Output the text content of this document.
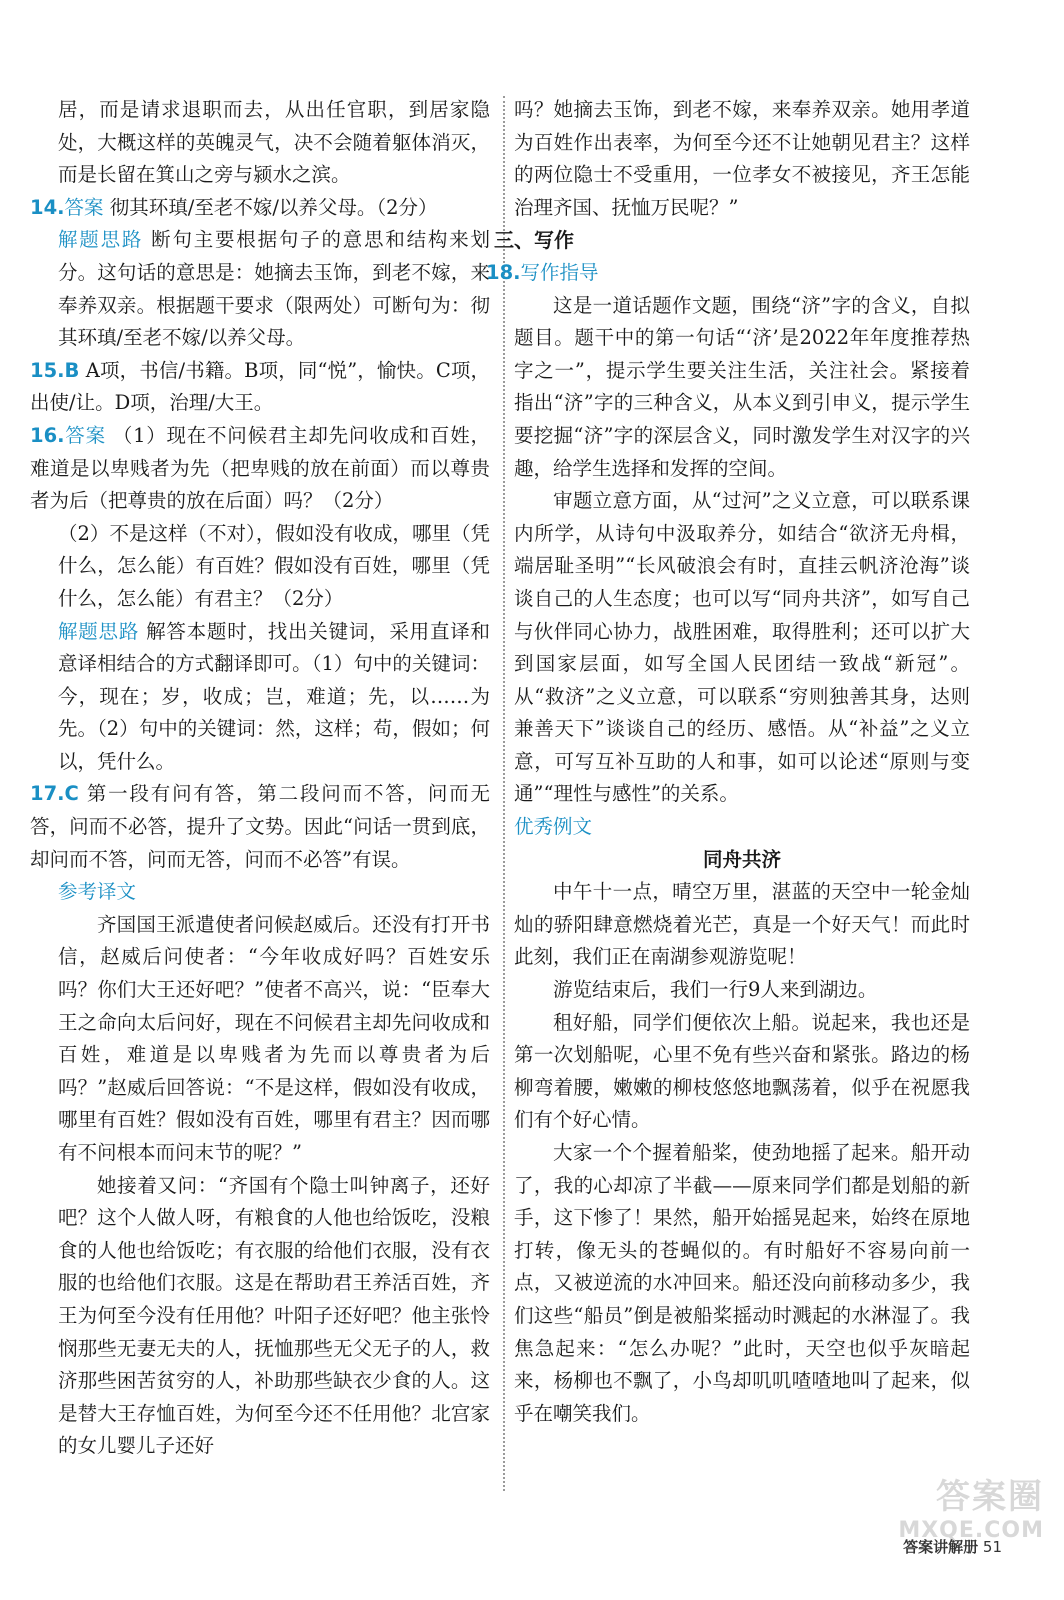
居，而是请求退职而去，从出任官职，到居家隐处，大概这样的英魄灵气，决不会随着躯体消灭，而是长留在箕山之旁与颍水之滨。

14.答案 彻其环瑱/至老不嫁/以养父母。（2分）

解题思路 断句主要根据句子的意思和结构来划分。这句话的意思是：她摘去玉饰，到老不嫁，来奉养双亲。根据题干要求（限两处）可断句为：彻其环瑱/至老不嫁/以养父母。

15.B A项，书信/书籍。B项，同“悦”，愉快。C项，出使/让。D项，治理/大王。

16.答案 （1）现在不问候君主却先问收成和百姓，难道是以卑贱者为先（把卑贱的放在前面）而以尊贵者为后（把尊贵的放在后面）吗？（2分）

（2）不是这样（不对），假如没有收成，哪里（凭什么，怎么能）有百姓？假如没有百姓，哪里（凭什么，怎么能）有君主？（2分）

解题思路 解答本题时，找出关键词，采用直译和意译相结合的方式翻译即可。（1）句中的关键词：今，现在；岁，收成；岂，难道；先，以……为先。（2）句中的关键词：然，这样；苟，假如；何以，凭什么。

17.C 第一段有问有答，第二段问而不答，问而无答，问而不必答，提升了文势。因此“问话一贯到底，却问而不答，问而无答，问而不必答”有误。

参考译文

齐国国王派遣使者问候赵威后。还没有打开书信，赵威后问使者：“今年收成好吗？百姓安乐吗？你们大王还好吧？”使者不高兴，说：“臣奉大王之命向太后问好，现在不问候君主却先问收成和百姓，难道是以卑贱者为先而以尊贵者为后吗？”赵威后回答说：“不是这样，假如没有收成，哪里有百姓？假如没有百姓，哪里有君主？因而哪有不问根本而问末节的呢？”

她接着又问：“齐国有个隐士叫钟离子，还好吧？这个人做人呀，有粮食的人他也给饭吃，没粮食的人他也给饭吃；有衣服的给他们衣服，没有衣服的也给他们衣服。这是在帮助君王养活百姓，齐王为何至今没有任用他？叶阳子还好吧？他主张怜悯那些无妻无夫的人，抚恤那些无父无子的人，救济那些困苦贫穷的人，补助那些缺衣少食的人。这是替大王存恤百姓，为何至今还不任用他？北宫家的女儿婴儿子还好

吗？她摘去玉饰，到老不嫁，来奉养双亲。她用孝道为百姓作出表率，为何至今还不让她朝见君主？这样的两位隐士不受重用，一位孝女不被接见，齐王怎能治理齐国、抚恤万民呢？”

三、写作

18.写作指导

这是一道话题作文题，围绕“济”字的含义，自拟题目。题干中的第一句话“‘济’是2022年年度推荐热字之一”，提示学生要关注生活，关注社会。紧接着指出“济”字的三种含义，从本义到引申义，提示学生要挖掘“济”字的深层含义，同时激发学生对汉字的兴趣，给学生选择和发挥的空间。

审题立意方面，从“过河”之义立意，可以联系课内所学，从诗句中汲取养分，如结合“欲济无舟楫，端居耻圣明”“长风破浪会有时，直挂云帆济沧海”谈谈自己的人生态度；也可以写“同舟共济”，如写自己与伙伴同心协力，战胜困难，取得胜利；还可以扩大到国家层面，如写全国人民团结一致战“新冠”。从“救济”之义立意，可以联系“穷则独善其身，达则兼善天下”谈谈自己的经历、感悟。从“补益”之义立意，可写互补互助的人和事，如可以论述“原则与变通”“理性与感性”的关系。

优秀例文

同舟共济

中午十一点，晴空万里，湛蓝的天空中一轮金灿灿的骄阳肆意燃烧着光芒，真是一个好天气！而此时此刻，我们正在南湖参观游览呢！

游览结束后，我们一行9人来到湖边。

租好船，同学们便依次上船。说起来，我也还是第一次划船呢，心里不免有些兴奋和紧张。路边的杨柳弯着腰，嫩嫩的柳枝悠悠地飘荡着，似乎在祝愿我们有个好心情。

大家一个个握着船桨，使劲地摇了起来。船开动了，我的心却凉了半截——原来同学们都是划船的新手，这下惨了！果然，船开始摇晃起来，始终在原地打转，像无头的苍蝇似的。有时船好不容易向前一点，又被逆流的水冲回来。船还没向前移动多少，我们这些“船员”倒是被船桨摇动时溅起的水淋湿了。我焦急起来：“怎么办呢？”此时，天空也似乎灰暗起来，杨柳也不飘了，小鸟却叽叽喳喳地叫了起来，似乎在嘲笑我们。

答案圈
MXQE.COM
答案讲解册 51
